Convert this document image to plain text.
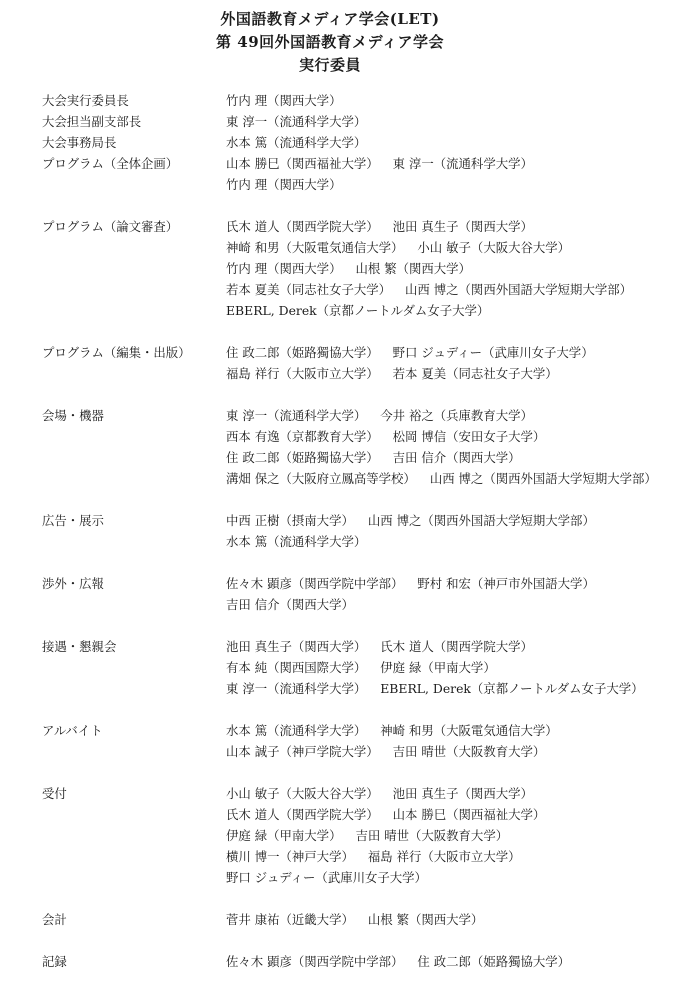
外国語教育メディア学会(LET)
第 49回外国語教育メディア学会
実行委員
大会実行委員長	竹内 理（関西大学）
大会担当副支部長	東 淳一（流通科学大学）
大会事務局長	水本 篤（流通科学大学）
プログラム（全体企画）	山本 勝巳（関西福祉大学） 東 淳一（流通科学大学）
竹内 理（関西大学）
プログラム（論文審査）	氏木 道人（関西学院大学） 池田 真生子（関西大学）
神崎 和男（大阪電気通信大学） 小山 敏子（大阪大谷大学）
竹内 理（関西大学） 山根 繁（関西大学）
若本 夏美（同志社女子大学） 山西 博之（関西外国語大学短期大学部）
EBERL, Derek（京都ノートルダム女子大学）
プログラム（編集・出版）	住 政二郎（姫路獨協大学） 野口 ジュディー（武庫川女子大学）
福島 祥行（大阪市立大学） 若本 夏美（同志社女子大学）
会場・機器	東 淳一（流通科学大学） 今井 裕之（兵庫教育大学）
西本 有逸（京都教育大学） 松岡 博信（安田女子大学）
住 政二郎（姫路獨協大学） 吉田 信介（関西大学）
溝畑 保之（大阪府立鳳高等学校） 山西 博之（関西外国語大学短期大学部）
広告・展示	中西 正樹（摂南大学） 山西 博之（関西外国語大学短期大学部）
水本 篤（流通科学大学）
渉外・広報	佐々木 顕彦（関西学院中学部） 野村 和宏（神戸市外国語大学）
吉田 信介（関西大学）
接遇・懇親会	池田 真生子（関西大学） 氏木 道人（関西学院大学）
有本 純（関西国際大学） 伊庭 緑（甲南大学）
東 淳一（流通科学大学） EBERL, Derek（京都ノートルダム女子大学）
アルバイト	水本 篤（流通科学大学） 神崎 和男（大阪電気通信大学）
山本 誠子（神戸学院大学） 吉田 晴世（大阪教育大学）
受付	小山 敏子（大阪大谷大学） 池田 真生子（関西大学）
氏木 道人（関西学院大学） 山本 勝巳（関西福祉大学）
伊庭 緑（甲南大学） 吉田 晴世（大阪教育大学）
横川 博一（神戸大学） 福島 祥行（大阪市立大学）
野口 ジュディー（武庫川女子大学）
会計	菅井 康祐（近畿大学） 山根 繁（関西大学）
記録	佐々木 顕彦（関西学院中学部） 住 政二郎（姫路獨協大学）
